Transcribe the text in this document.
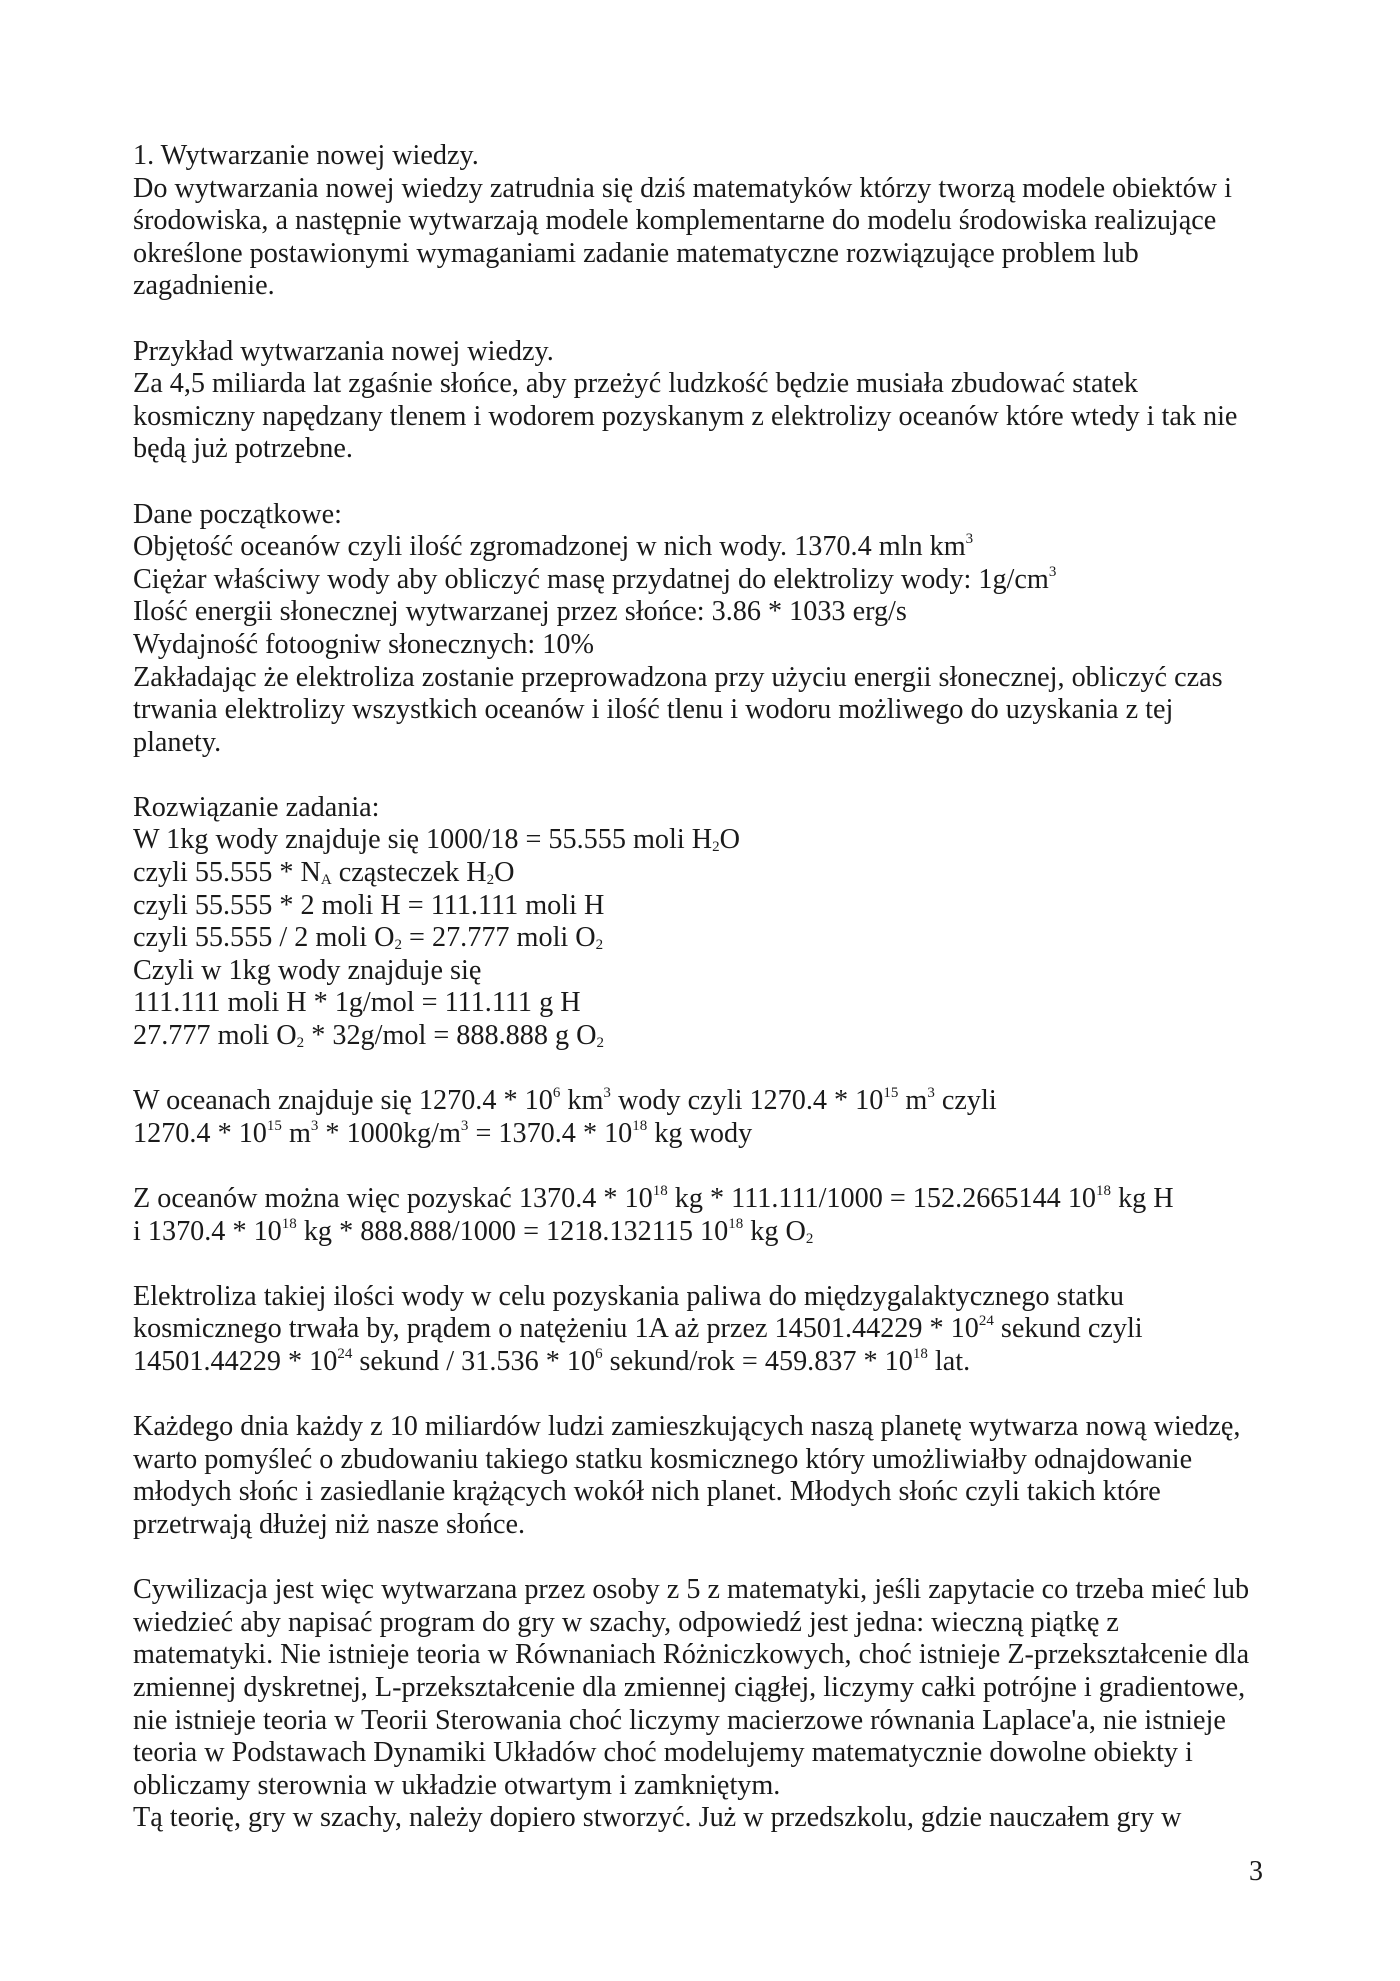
1. Wytwarzanie nowej wiedzy.
Do wytwarzania nowej wiedzy zatrudnia się dziś matematyków którzy tworzą modele obiektów i
środowiska, a następnie wytwarzają modele komplementarne do modelu środowiska realizujące
określone postawionymi wymaganiami zadanie matematyczne rozwiązujące problem lub
zagadnienie.
Przykład wytwarzania nowej wiedzy.
Za 4,5 miliarda lat zgaśnie słońce, aby przeżyć ludzkość będzie musiała zbudować statek
kosmiczny napędzany tlenem i wodorem pozyskanym z elektrolizy oceanów które wtedy i tak nie
będą już potrzebne.
Dane początkowe:
Objętość oceanów czyli ilość zgromadzonej w nich wody. 1370.4 mln $km^3$
Ciężar właściwy wody aby obliczyć masę przydatnej do elektrolizy wody: $1g/cm^3$
Ilość energii słonecznej wytwarzanej przez słońce: 3.86 * 1033 erg/s
Wydajność fotoogniw słonecznych: 10%
Zakładając że elektroliza zostanie przeprowadzona przy użyciu energii słonecznej, obliczyć czas
trwania elektrolizy wszystkich oceanów i ilość tlenu i wodoru możliwego do uzyskania z tej
planety.
Rozwiązanie zadania:
W 1kg wody znajduje się 1000/18 = 55.555 moli $H_2O$
czyli $55.555 * N_A$ cząsteczek $H_2O$
czyli 55.555 * 2 moli H = 111.111 moli H
czyli 55.555 / 2 moli $O_2 = 27.777$ moli $O_2$
Czyli w 1kg wody znajduje się
111.111 moli H * 1g/mol = 111.111 g H
27.777 moli $O_2 * 32g/mol = 888.888$ g $O_2$
W oceanach znajduje się $1270.4 * 10^6$ $km^3$ wody czyli $1270.4 * 10^{15}$ $m^3$ czyli
$1270.4 * 10^{15}$ $m^3 * 1000kg/m^3 = 1370.4 * 10^{18}$ kg wody
Z oceanów można więc pozyskać $1370.4 * 10^{18}$ kg * 111.111/1000 = 152.2665144 $10^{18}$ kg H
i $1370.4 * 10^{18}$ kg * 888.888/1000 = 1218.132115 $10^{18}$ kg $O_2$
Elektroliza takiej ilości wody w celu pozyskania paliwa do międzygalaktycznego statku
kosmicznego trwała by, prądem o natężeniu 1A aż przez $14501.44229 * 10^{24}$ sekund czyli
$14501.44229 * 10^{24}$ sekund / $31.536 * 10^6$ sekund/rok = $459.837 * 10^{18}$ lat.
Każdego dnia każdy z 10 miliardów ludzi zamieszkujących naszą planetę wytwarza nową wiedzę,
warto pomyśleć o zbudowaniu takiego statku kosmicznego który umożliwiałby odnajdowanie
młodych słońc i zasiedlanie krążących wokół nich planet. Młodych słońc czyli takich które
przetrwają dłużej niż nasze słońce.
Cywilizacja jest więc wytwarzana przez osoby z 5 z matematyki, jeśli zapytacie co trzeba mieć lub
wiedzieć aby napisać program do gry w szachy, odpowiedź jest jedna: wieczną piątkę z
matematyki. Nie istnieje teoria w Równaniach Różniczkowych, choć istnieje Z-przekształcenie dla
zmiennej dyskretnej, L-przekształcenie dla zmiennej ciągłej, liczymy całki potrójne i gradientowe,
nie istnieje teoria w Teorii Sterowania choć liczymy macierzowe równania Laplace'a, nie istnieje
teoria w Podstawach Dynamiki Układów choć modelujemy matematycznie dowolne obiekty i
obliczamy sterownia w układzie otwartym i zamkniętym.
Tą teorię, gry w szachy, należy dopiero stworzyć. Już w przedszkolu, gdzie nauczałem gry w
3
